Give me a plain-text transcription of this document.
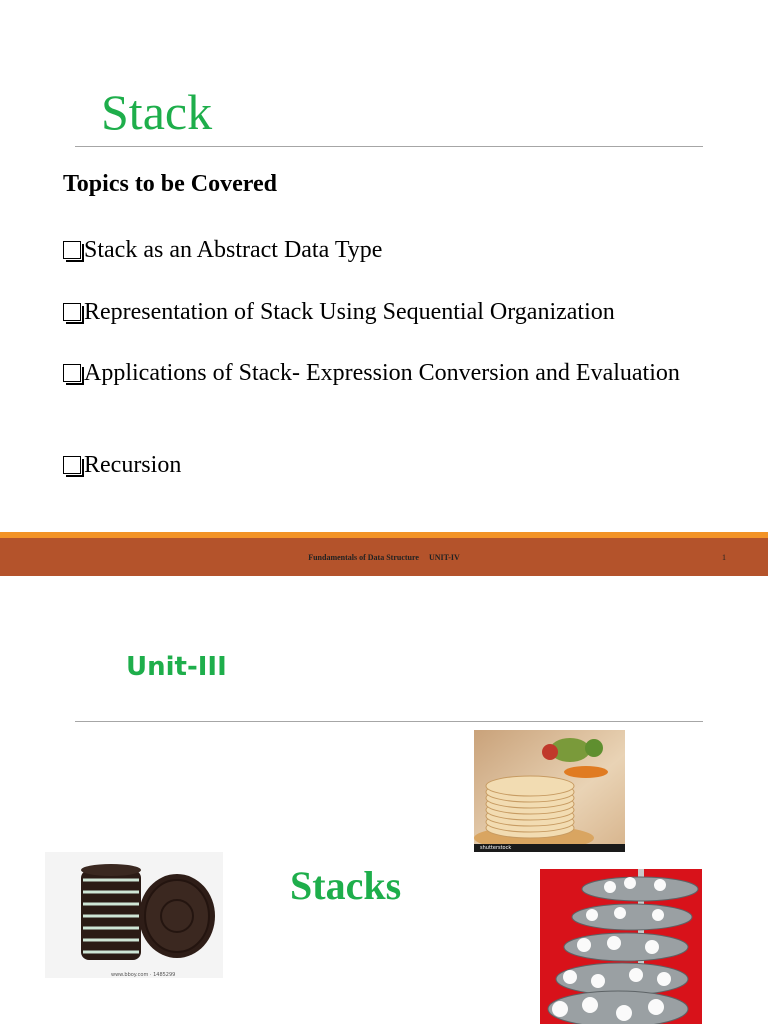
Stack
Topics to be Covered
Stack as an Abstract Data Type
Representation of Stack Using Sequential Organization
Applications of Stack- Expression Conversion and Evaluation
Recursion
Fundamentals of Data Structure     UNIT-IV	1
Unit-III
Stacks
shutterstock
www.bboy.com · 1485299
